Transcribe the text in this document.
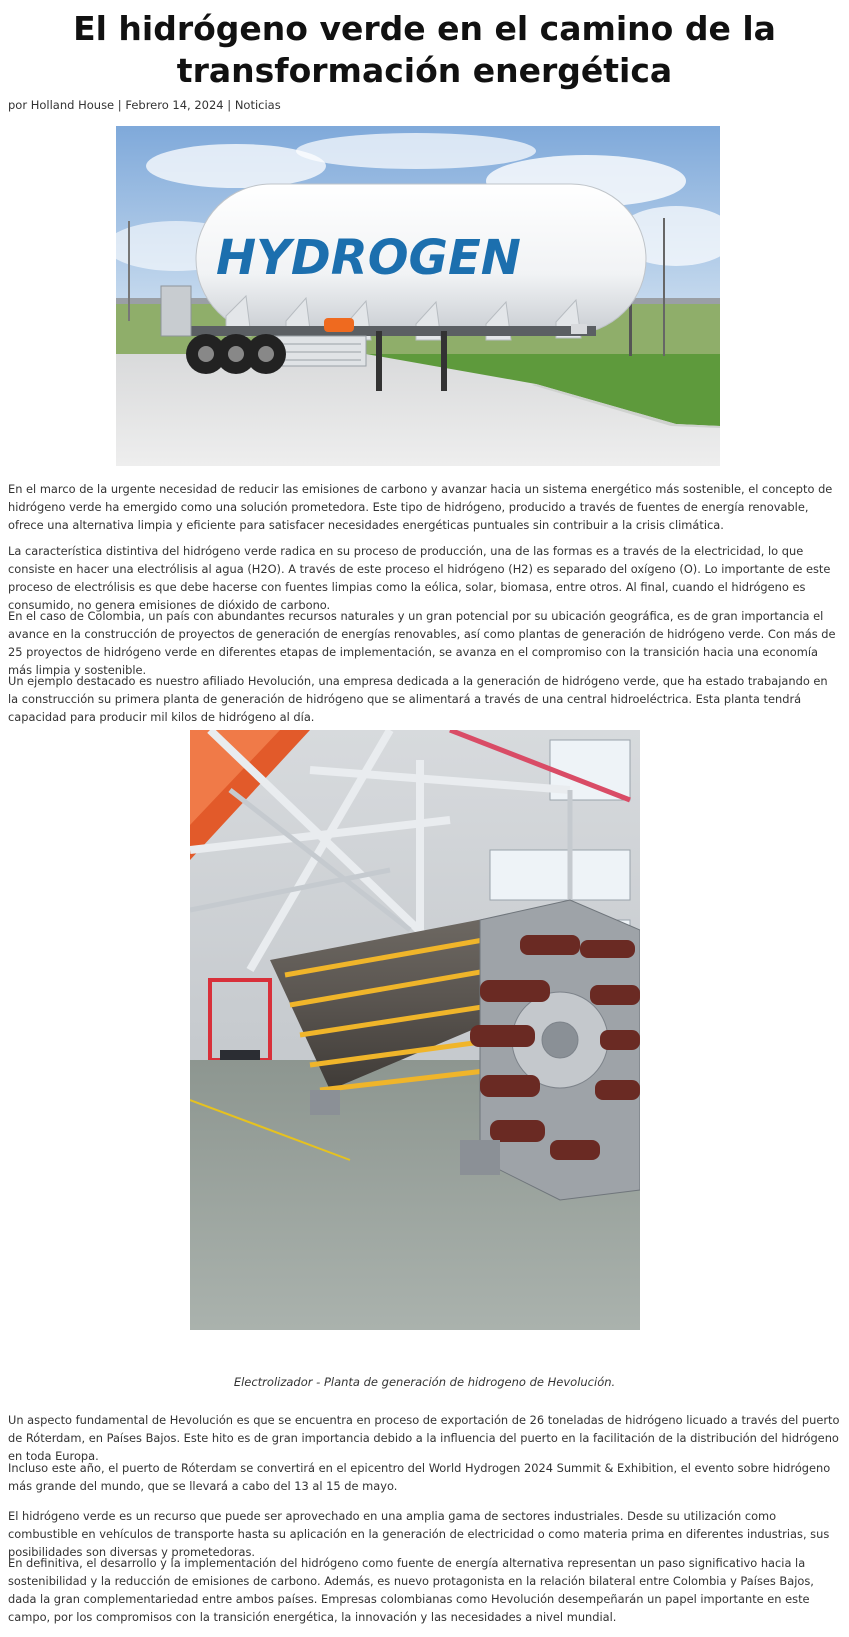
El hidrógeno verde en el camino de la
transformación energética
por Holland House | Febrero 14, 2024 | Noticias
HYDROGEN

En el marco de la urgente necesidad de reducir las emisiones de carbono y avanzar hacia un sistema energético más sostenible, el concepto de hidrógeno verde ha emergido como una solución prometedora. Este tipo de hidrógeno, producido a través de fuentes de energía renovable, ofrece una alternativa limpia y eficiente para satisfacer necesidades energéticas puntuales sin contribuir a la crisis climática.

La característica distintiva del hidrógeno verde radica en su proceso de producción, una de las formas es a través de la electricidad, lo que consiste en hacer una electrólisis al agua (H2O). A través de este proceso el hidrógeno (H2) es separado del oxígeno (O). Lo importante de este proceso de electrólisis es que debe hacerse con fuentes limpias como la eólica, solar, biomasa, entre otros. Al final, cuando el hidrógeno es consumido, no genera emisiones de dióxido de carbono.

En el caso de Colombia, un país con abundantes recursos naturales y un gran potencial por su ubicación geográfica, es de gran importancia el avance en la construcción de proyectos de generación de energías renovables, así como plantas de generación de hidrógeno verde. Con más de 25 proyectos de hidrógeno verde en diferentes etapas de implementación, se avanza en el compromiso con la transición hacia una economía más limpia y sostenible.

Un ejemplo destacado es nuestro afiliado Hevolución, una empresa dedicada a la generación de hidrógeno verde, que ha estado trabajando en la construcción su primera planta de generación de hidrógeno que se alimentará a través de una central hidroeléctrica. Esta planta tendrá capacidad para producir mil kilos de hidrógeno al día.

Electrolizador - Planta de generación de hidrogeno de Hevolución.

Un aspecto fundamental de Hevolución es que se encuentra en proceso de exportación de 26 toneladas de hidrógeno licuado a través del puerto de Róterdam, en Países Bajos. Este hito es de gran importancia debido a la influencia del puerto en la facilitación de la distribución del hidrógeno en toda Europa.

Incluso este año, el puerto de Róterdam se convertirá en el epicentro del World Hydrogen 2024 Summit & Exhibition, el evento sobre hidrógeno más grande del mundo, que se llevará a cabo del 13 al 15 de mayo.

El hidrógeno verde es un recurso que puede ser aprovechado en una amplia gama de sectores industriales. Desde su utilización como combustible en vehículos de transporte hasta su aplicación en la generación de electricidad o como materia prima en diferentes industrias, sus posibilidades son diversas y prometedoras.

En definitiva, el desarrollo y la implementación del hidrógeno como fuente de energía alternativa representan un paso significativo hacia la sostenibilidad y la reducción de emisiones de carbono. Además, es nuevo protagonista en la relación bilateral entre Colombia y Países Bajos, dada la gran complementariedad entre ambos países. Empresas colombianas como Hevolución desempeñarán un papel importante en este campo, por los compromisos con la transición energética, la innovación y las necesidades a nivel mundial.
